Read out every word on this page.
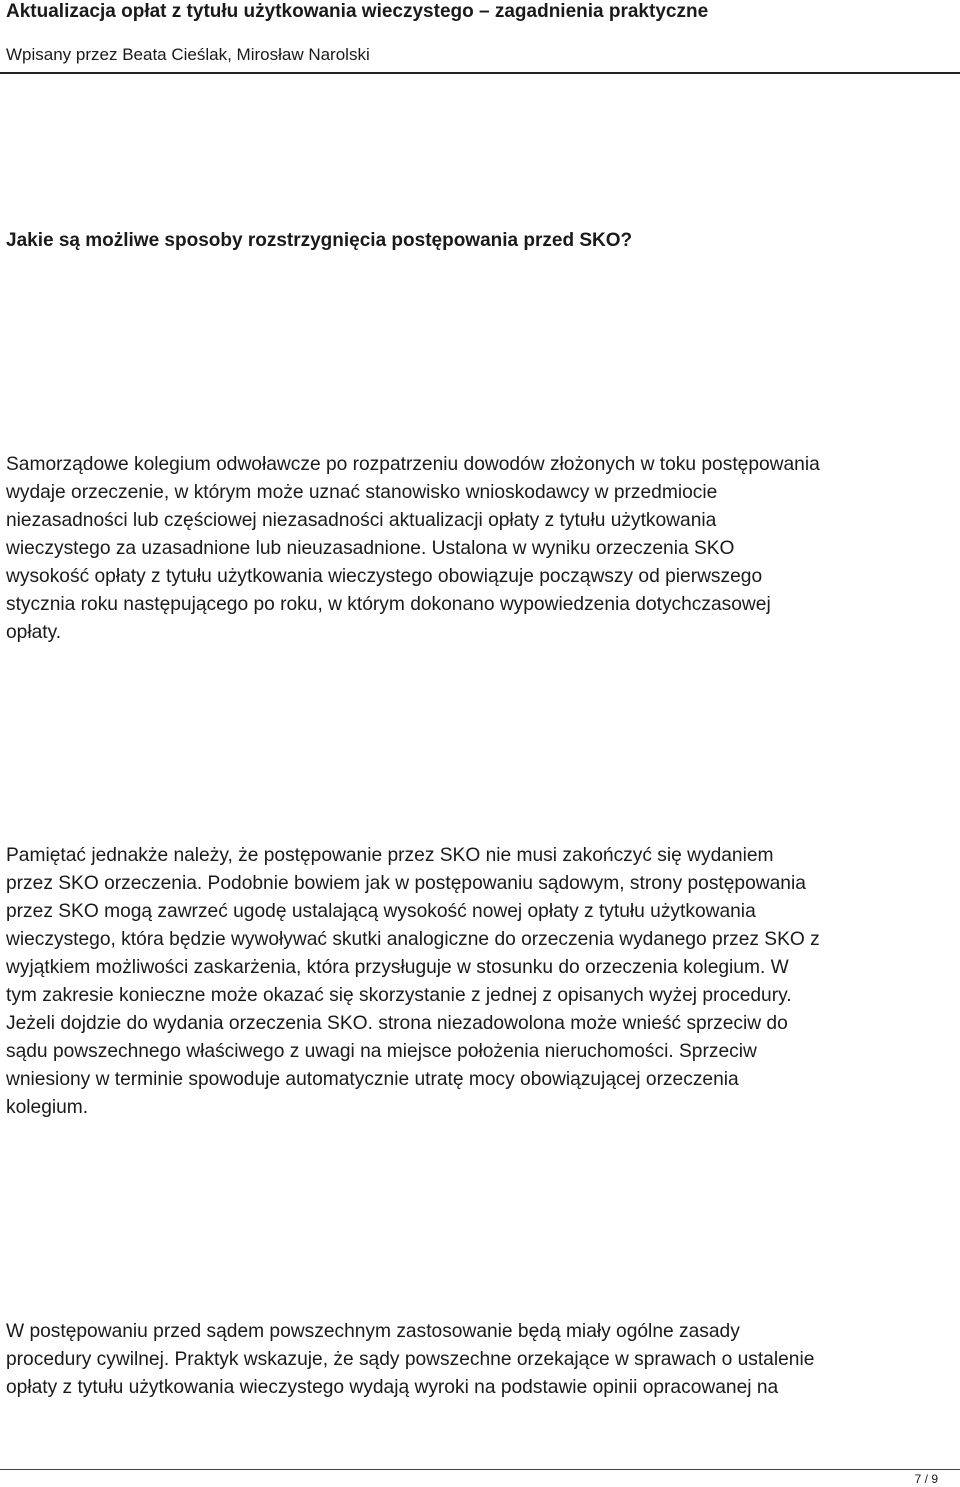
Aktualizacja opłat z tytułu użytkowania wieczystego – zagadnienia praktyczne
Wpisany przez Beata Cieślak, Mirosław Narolski
Jakie są możliwe sposoby rozstrzygnięcia postępowania przed SKO?
Samorządowe kolegium odwoławcze po rozpatrzeniu dowodów złożonych w toku postępowania
wydaje orzeczenie, w którym może uznać stanowisko wnioskodawcy w przedmiocie
niezasadności lub częściowej niezasadności aktualizacji opłaty z tytułu użytkowania
wieczystego za uzasadnione lub nieuzasadnione. Ustalona w wyniku orzeczenia SKO
wysokość opłaty z tytułu użytkowania wieczystego obowiązuje począwszy od pierwszego
stycznia roku następującego po roku, w którym dokonano wypowiedzenia dotychczasowej
opłaty.
Pamiętać jednakże należy, że postępowanie przez SKO nie musi zakończyć się wydaniem
przez SKO orzeczenia. Podobnie bowiem jak w postępowaniu sądowym, strony postępowania
przez SKO mogą zawrzeć ugodę ustalającą wysokość nowej opłaty z tytułu użytkowania
wieczystego, która będzie wywoływać skutki analogiczne do orzeczenia wydanego przez SKO z
wyjątkiem możliwości zaskarżenia, która przysługuje w stosunku do orzeczenia kolegium. W
tym zakresie konieczne może okazać się skorzystanie z jednej z opisanych wyżej procedury.
Jeżeli dojdzie do wydania orzeczenia SKO. strona niezadowolona może wnieść sprzeciw do
sądu powszechnego właściwego z uwagi na miejsce położenia nieruchomości. Sprzeciw
wniesiony w terminie spowoduje automatycznie utratę mocy obowiązującej orzeczenia
kolegium.
W postępowaniu przed sądem powszechnym zastosowanie będą miały ogólne zasady
procedury cywilnej. Praktyk wskazuje, że sądy powszechne orzekające w sprawach o ustalenie
opłaty z tytułu użytkowania wieczystego wydają wyroki na podstawie opinii opracowanej na
7 / 9
